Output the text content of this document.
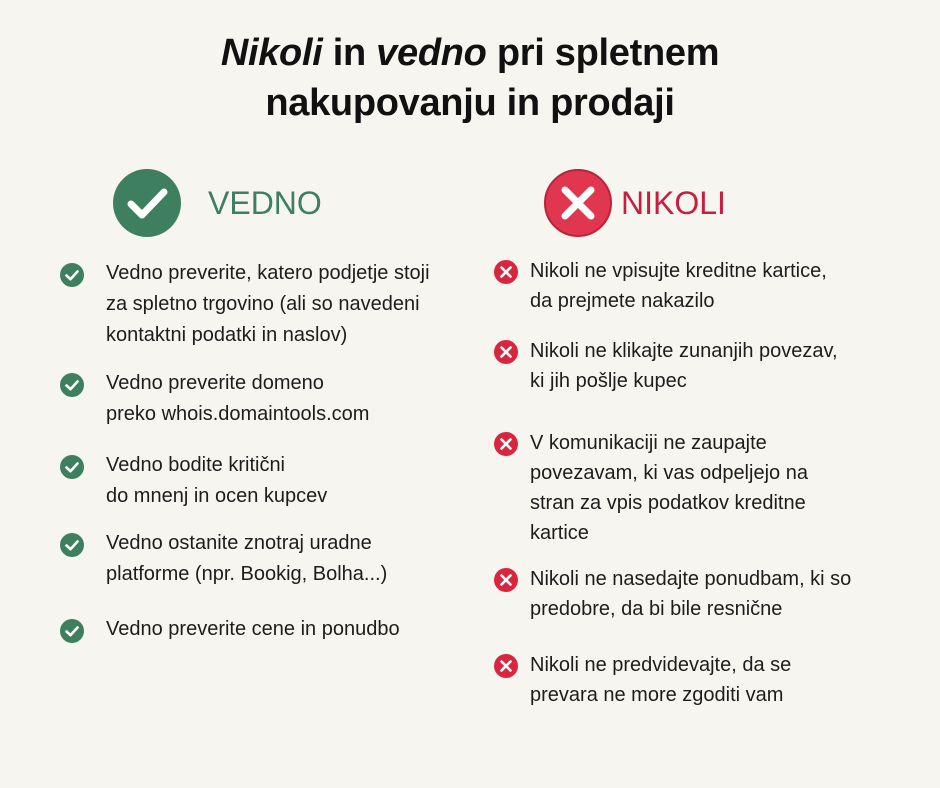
Nikoli in vedno pri spletnem
nakupovanju in prodaji
VEDNO	NIKOLI
Vedno preverite, katero podjetje stoji
za spletno trgovino (ali so navedeni
kontaktni podatki in naslov)
Vedno preverite domeno
preko whois.domaintools.com
Vedno bodite kritični
do mnenj in ocen kupcev
Vedno ostanite znotraj uradne
platforme (npr. Bookig, Bolha...)
Vedno preverite cene in ponudbo
Nikoli ne vpisujte kreditne kartice,
da prejmete nakazilo
Nikoli ne klikajte zunanjih povezav,
ki jih pošlje kupec
V komunikaciji ne zaupajte
povezavam, ki vas odpeljejo na
stran za vpis podatkov kreditne
kartice
Nikoli ne nasedajte ponudbam, ki so
predobre, da bi bile resnične
Nikoli ne predvidevajte, da se
prevara ne more zgoditi vam
